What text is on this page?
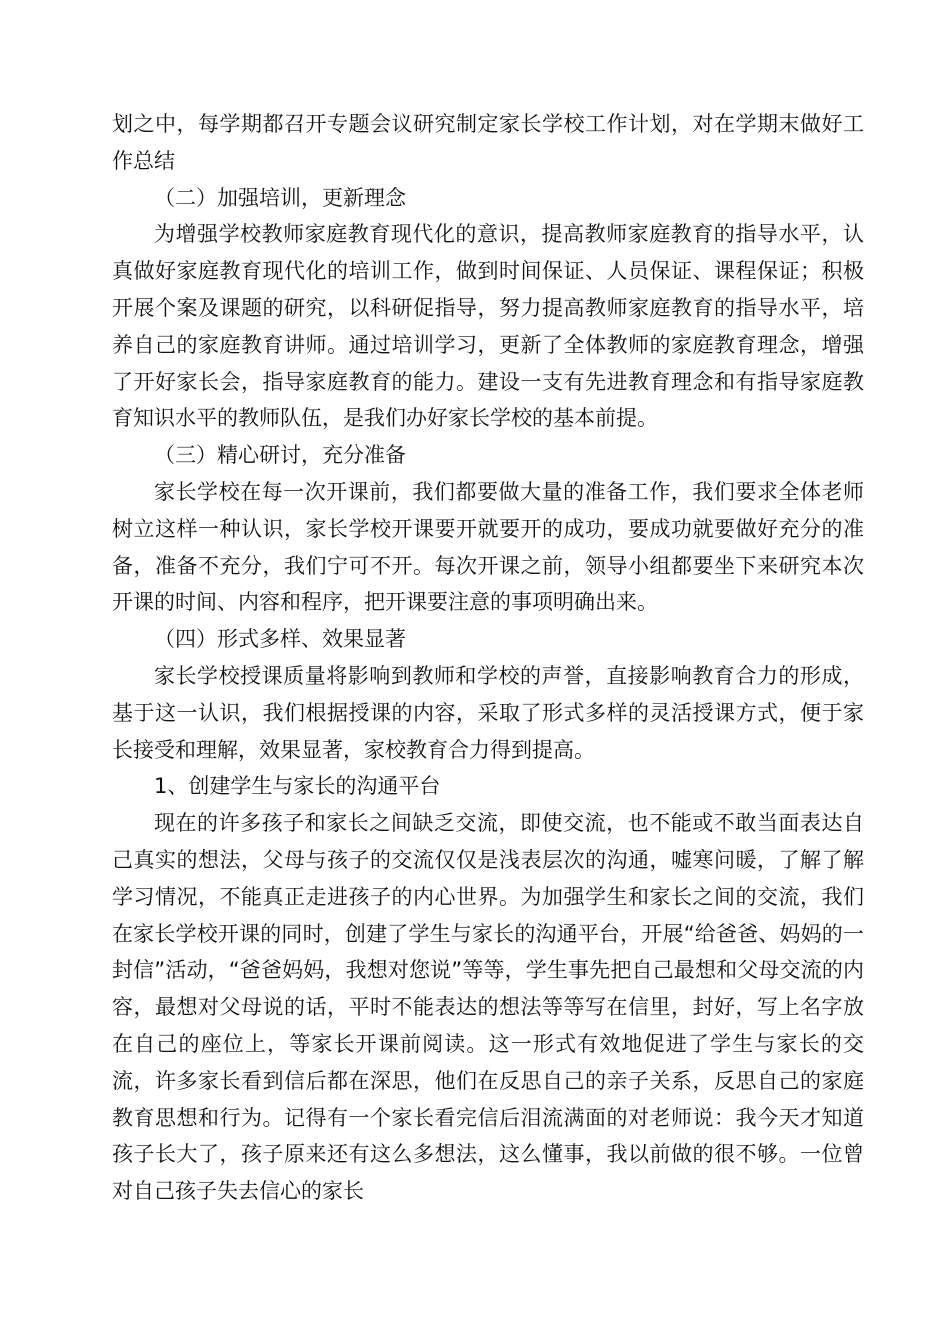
划之中，每学期都召开专题会议研究制定家长学校工作计划，对在学期末做好工作总结

（二）加强培训，更新理念

为增强学校教师家庭教育现代化的意识，提高教师家庭教育的指导水平，认真做好家庭教育现代化的培训工作，做到时间保证、人员保证、课程保证；积极开展个案及课题的研究，以科研促指导，努力提高教师家庭教育的指导水平，培养自己的家庭教育讲师。通过培训学习，更新了全体教师的家庭教育理念，增强了开好家长会，指导家庭教育的能力。建设一支有先进教育理念和有指导家庭教育知识水平的教师队伍，是我们办好家长学校的基本前提。

（三）精心研讨，充分准备

家长学校在每一次开课前，我们都要做大量的准备工作，我们要求全体老师树立这样一种认识，家长学校开课要开就要开的成功，要成功就要做好充分的准备，准备不充分，我们宁可不开。每次开课之前，领导小组都要坐下来研究本次开课的时间、内容和程序，把开课要注意的事项明确出来。

（四）形式多样、效果显著

家长学校授课质量将影响到教师和学校的声誉，直接影响教育合力的形成，基于这一认识，我们根据授课的内容，采取了形式多样的灵活授课方式，便于家长接受和理解，效果显著，家校教育合力得到提高。

1、创建学生与家长的沟通平台

现在的许多孩子和家长之间缺乏交流，即使交流，也不能或不敢当面表达自己真实的想法，父母与孩子的交流仅仅是浅表层次的沟通，嘘寒问暖，了解了解学习情况，不能真正走进孩子的内心世界。为加强学生和家长之间的交流，我们在家长学校开课的同时，创建了学生与家长的沟通平台，开展“给爸爸、妈妈的一封信”活动，“爸爸妈妈，我想对您说”等等，学生事先把自己最想和父母交流的内容，最想对父母说的话，平时不能表达的想法等等写在信里，封好，写上名字放在自己的座位上，等家长开课前阅读。这一形式有效地促进了学生与家长的交流，许多家长看到信后都在深思，他们在反思自己的亲子关系，反思自己的家庭教育思想和行为。记得有一个家长看完信后泪流满面的对老师说：我今天才知道孩子长大了，孩子原来还有这么多想法，这么懂事，我以前做的很不够。一位曾对自己孩子失去信心的家长
